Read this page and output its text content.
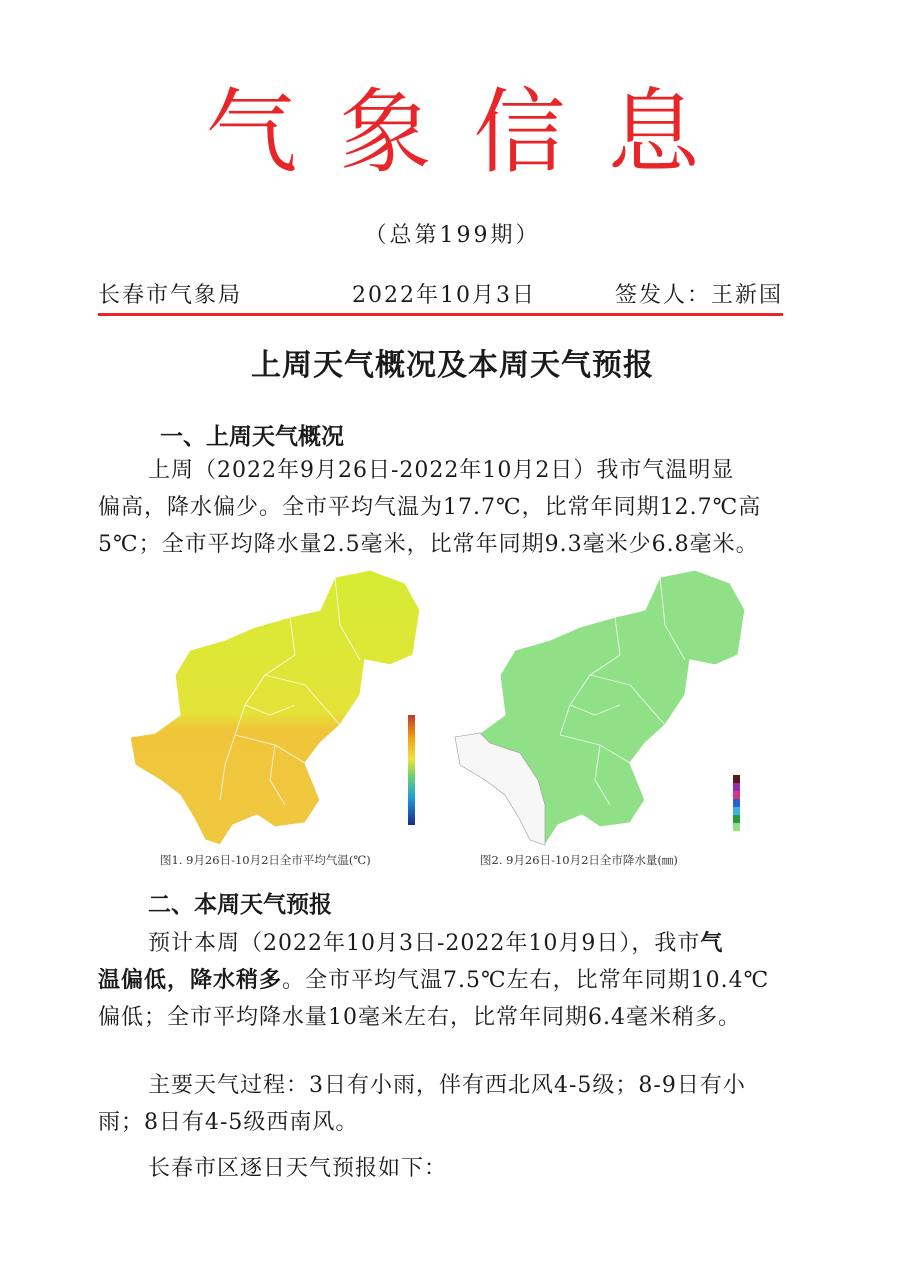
气象信息
（总第199期）
长春市气象局	2022年10月3日	签发人：王新国
上周天气概况及本周天气预报
一、上周天气概况

上周（2022年9月26日-2022年10月2日）我市气温明显

偏高，降水偏少。全市平均气温为17.7℃，比常年同期12.7℃高

5℃；全市平均降水量2.5毫米，比常年同期9.3毫米少6.8毫米。

图1. 9月26日-10月2日全市平均气温(℃)	图2. 9月26日-10月2日全市降水量(㎜)
二、本周天气预报

预计本周（2022年10月3日-2022年10月9日），我市气

温偏低，降水稍多。全市平均气温7.5℃左右，比常年同期10.4℃

偏低；全市平均降水量10毫米左右，比常年同期6.4毫米稍多。

主要天气过程：3日有小雨，伴有西北风4-5级；8-9日有小

雨；8日有4-5级西南风。

长春市区逐日天气预报如下：
